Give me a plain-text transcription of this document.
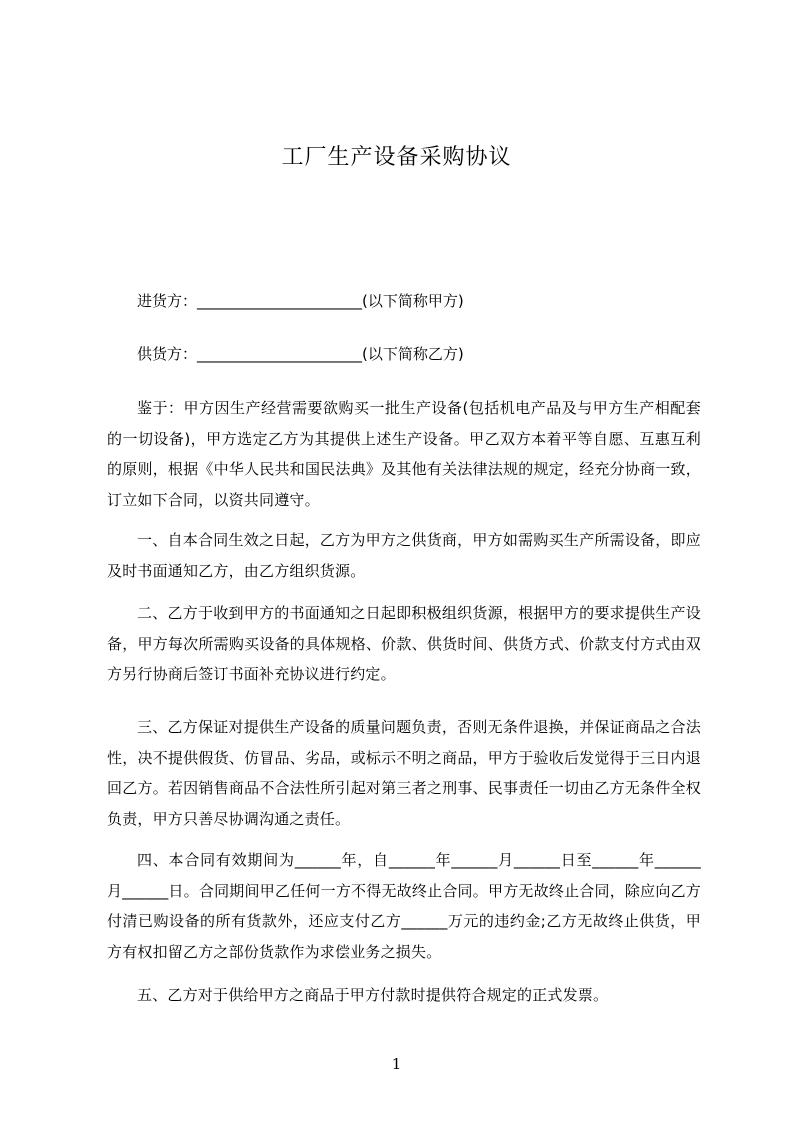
工厂生产设备采购协议
进货方：______________________(以下简称甲方)
供货方：______________________(以下简称乙方)
鉴于：甲方因生产经营需要欲购买一批生产设备(包括机电产品及与甲方生产相配套的一切设备)，甲方选定乙方为其提供上述生产设备。甲乙双方本着平等自愿、互惠互利的原则，根据《中华人民共和国民法典》及其他有关法律法规的规定，经充分协商一致，订立如下合同，以资共同遵守。
一、自本合同生效之日起，乙方为甲方之供货商，甲方如需购买生产所需设备，即应及时书面通知乙方，由乙方组织货源。
二、乙方于收到甲方的书面通知之日起即积极组织货源，根据甲方的要求提供生产设备，甲方每次所需购买设备的具体规格、价款、供货时间、供货方式、价款支付方式由双方另行协商后签订书面补充协议进行约定。
三、乙方保证对提供生产设备的质量问题负责，否则无条件退换，并保证商品之合法性，决不提供假货、仿冒品、劣品，或标示不明之商品，甲方于验收后发觉得于三日内退回乙方。若因销售商品不合法性所引起对第三者之刑事、民事责任一切由乙方无条件全权负责，甲方只善尽协调沟通之责任。
四、本合同有效期间为______年，自______年______月______日至______年______月______日。合同期间甲乙任何一方不得无故终止合同。甲方无故终止合同，除应向乙方付清已购设备的所有货款外，还应支付乙方______万元的违约金;乙方无故终止供货，甲方有权扣留乙方之部份货款作为求偿业务之损失。
五、乙方对于供给甲方之商品于甲方付款时提供符合规定的正式发票。
1
